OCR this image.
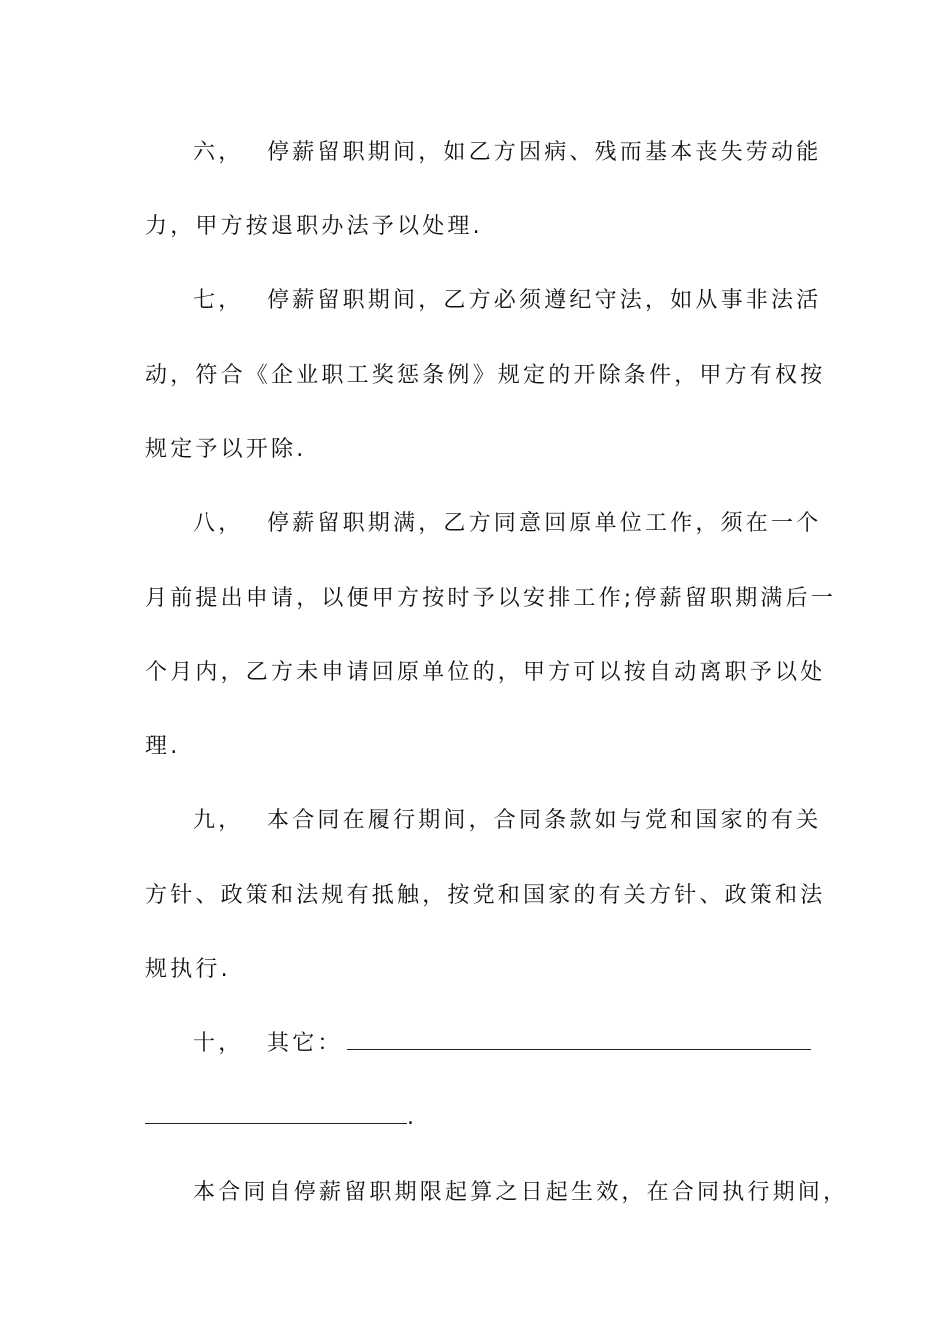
六， 停薪留职期间，如乙方因病、残而基本丧失劳动能
力，甲方按退职办法予以处理.
七， 停薪留职期间，乙方必须遵纪守法，如从事非法活
动，符合《企业职工奖惩条例》规定的开除条件，甲方有权按
规定予以开除.
八， 停薪留职期满，乙方同意回原单位工作，须在一个
月前提出申请，以便甲方按时予以安排工作;停薪留职期满后一
个月内，乙方未申请回原单位的，甲方可以按自动离职予以处
理.
九， 本合同在履行期间，合同条款如与党和国家的有关
方针、政策和法规有抵触，按党和国家的有关方针、政策和法
规执行.
十， 其它：
.
本合同自停薪留职期限起算之日起生效，在合同执行期间，
